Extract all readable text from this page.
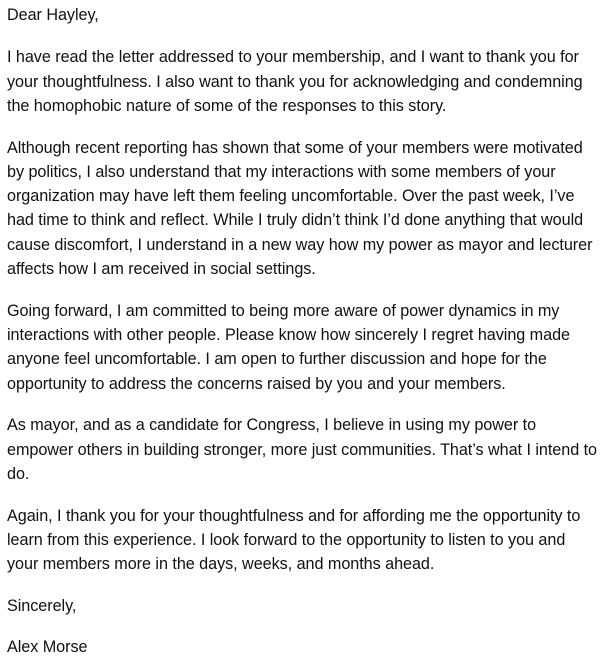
Dear Hayley,

I have read the letter addressed to your membership, and I want to thank you for your thoughtfulness. I also want to thank you for acknowledging and condemning the homophobic nature of some of the responses to this story.

Although recent reporting has shown that some of your members were motivated by politics, I also understand that my interactions with some members of your organization may have left them feeling uncomfortable. Over the past week, I’ve had time to think and reflect. While I truly didn’t think I’d done anything that would cause discomfort, I understand in a new way how my power as mayor and lecturer affects how I am received in social settings.

Going forward, I am committed to being more aware of power dynamics in my interactions with other people. Please know how sincerely I regret having made anyone feel uncomfortable. I am open to further discussion and hope for the opportunity to address the concerns raised by you and your members.

As mayor, and as a candidate for Congress, I believe in using my power to empower others in building stronger, more just communities. That’s what I intend to do.

Again, I thank you for your thoughtfulness and for affording me the opportunity to learn from this experience. I look forward to the opportunity to listen to you and your members more in the days, weeks, and months ahead.

Sincerely,

Alex Morse
